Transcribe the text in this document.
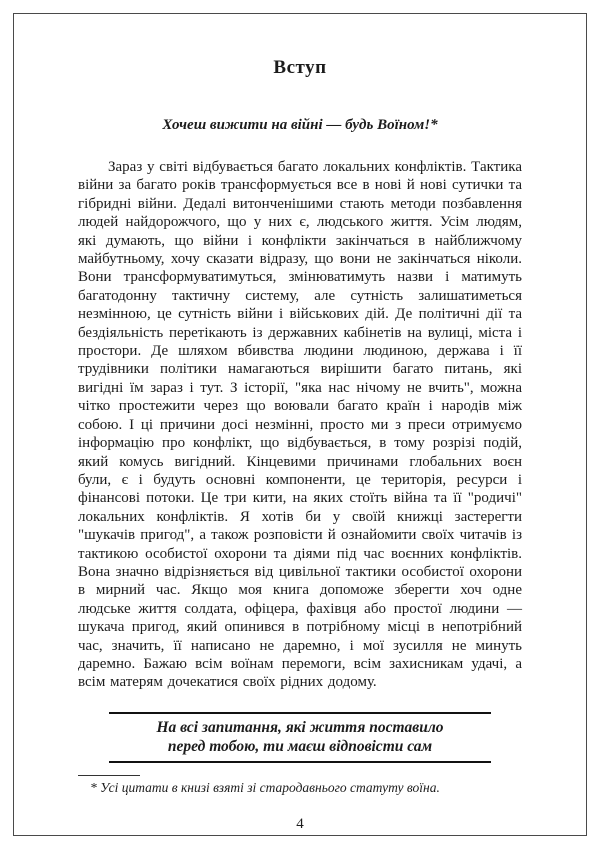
Вступ
Хочеш вижити на війні — будь Воїном!*

Зараз у світі відбувається багато локальних конфліктів. Тактика війни за багато років трансформується все в нові й нові сутички та гібридні війни. Дедалі витонченішими стають методи позбавлення людей найдорожчого, що у них є, людського життя. Усім людям, які думають, що війни і конфлікти закінчаться в найближчому майбутньому, хочу сказати відразу, що вони не закінчаться ніколи. Вони трансформуватимуться, змінюватимуть назви і матимуть багатодонну тактичну систему, але сутність залишатиметься незмінною, це сутність війни і військових дій. Де політичні дії та бездіяльність перетікають із державних кабінетів на вулиці, міста і простори. Де шляхом вбивства людини людиною, держава і її трудівники політики намагаються вирішити багато питань, які вигідні їм зараз і тут. З історії, "яка нас нічому не вчить", можна чітко простежити через що воювали багато країн і народів між собою. І ці причини досі незмінні, просто ми з преси отримуємо інформацію про конфлікт, що відбувається, в тому розрізі подій, який комусь вигідний. Кінцевими причинами глобальних воєн були, є і будуть основні компоненти, це територія, ресурси і фінансові потоки. Це три кити, на яких стоїть війна та її "родичі" локальних конфліктів. Я хотів би у своїй книжці застерегти "шукачів пригод", а також розповісти й ознайомити своїх читачів із тактикою особистої охорони та діями під час воєнних конфліктів. Вона значно відрізняється від цивільної тактики особистої охорони в мирний час. Якщо моя книга допоможе зберегти хоч одне людське життя солдата, офіцера, фахівця або простої людини — шукача пригод, який опинився в потрібному місці в непотрібний час, значить, її написано не даремно, і мої зусилля не минуть даремно. Бажаю всім воїнам перемоги, всім захисникам удачі, а всім матерям дочекатися своїх рідних додому.

На всі запитання, які життя поставило
перед тобою, ти маєш відповісти сам
* Усі цитати в книзі взяті зі стародавнього статуту воїна.
4
